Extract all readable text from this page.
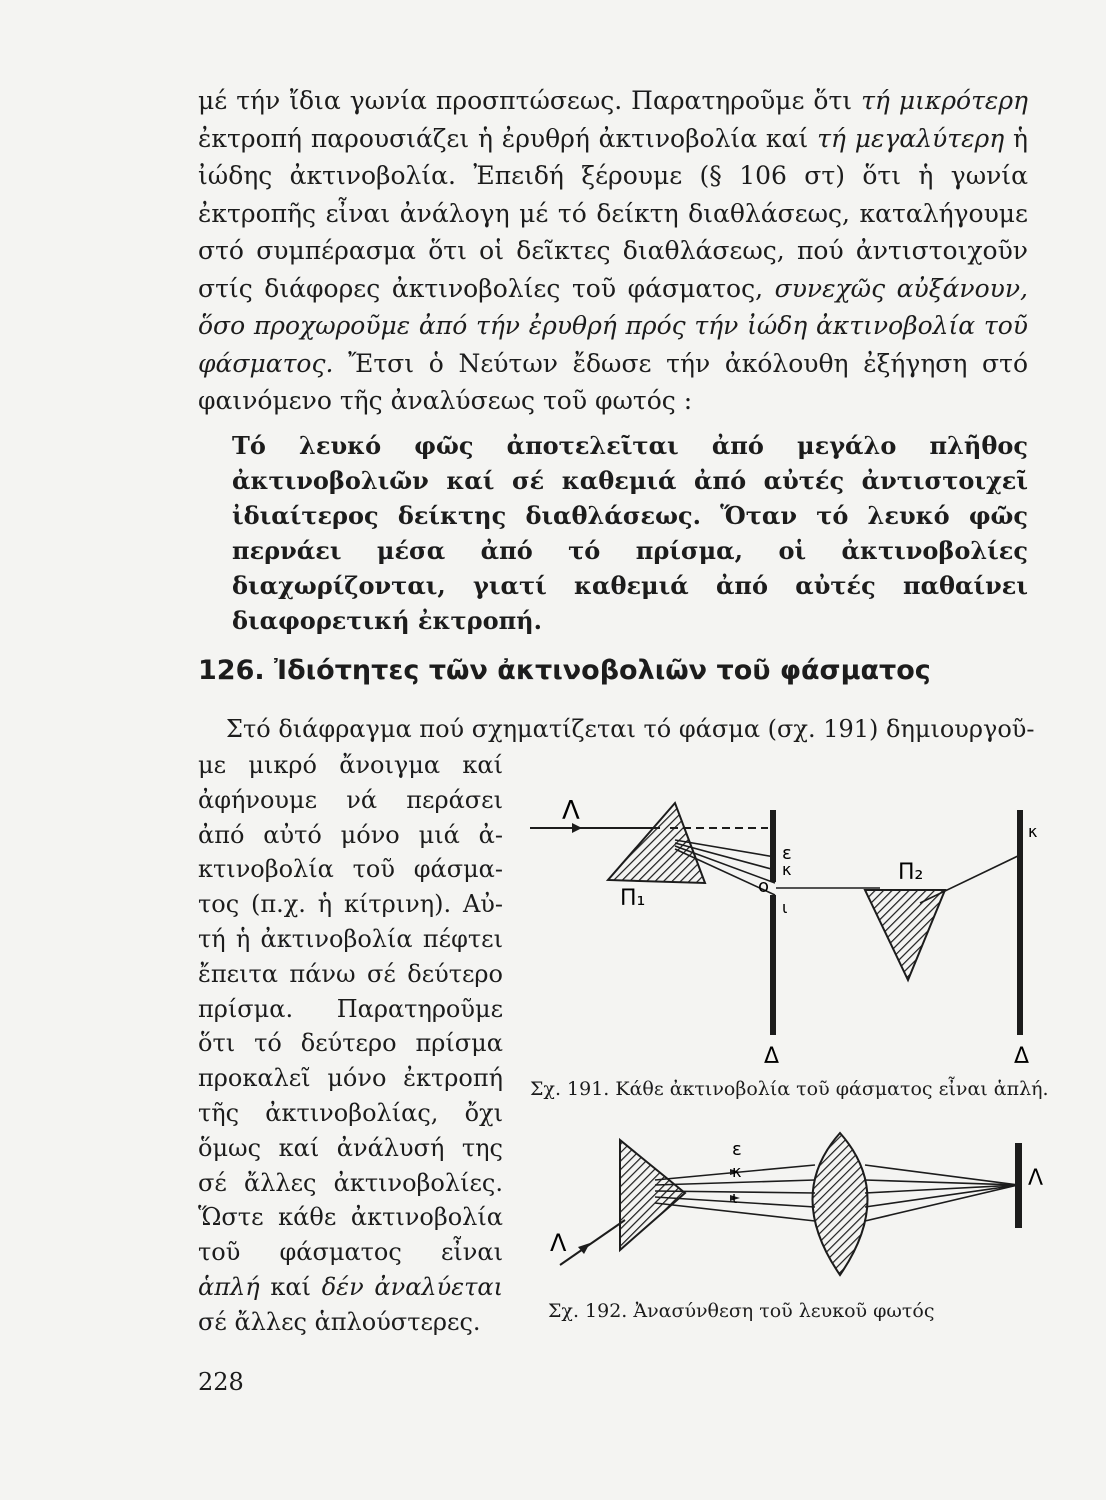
μέ τήν ἴδια γωνία προσπτώσεως. Παρατηροῦμε ὅτι τή μικρότερη ἐκτροπή παρουσιάζει ἡ ἐρυθρή ἀκτινοβολία καί τή μεγαλύτερη ἡ ἰώδης ἀκτινοβολία. Ἐπειδή ξέρουμε (§ 106 στ) ὅτι ἡ γωνία ἐκτροπῆς εἶναι ἀνάλογη μέ τό δείκτη διαθλάσεως, καταλήγουμε στό συμπέρασμα ὅτι οἱ δεῖκτες διαθλάσεως, πού ἀντιστοιχοῦν στίς διάφορες ἀκτινοβολίες τοῦ φάσματος, συνεχῶς αὐξάνουν, ὅσο προχωροῦμε ἀπό τήν ἐρυθρή πρός τήν ἰώδη ἀκτινοβολία τοῦ φάσματος. Ἔτσι ὁ Νεύτων ἔδωσε τήν ἀκόλουθη ἐξήγηση στό φαινόμενο τῆς ἀναλύσεως τοῦ φωτός :

Τό λευκό φῶς ἀποτελεῖται ἀπό μεγάλο πλῆθος ἀκτινοβολιῶν καί σέ καθεμιά ἀπό αὐτές ἀντιστοιχεῖ ἰδιαίτερος δείκτης διαθλάσεως. Ὅταν τό λευκό φῶς περνάει μέσα ἀπό τό πρίσμα, οἱ ἀκτινοβολίες διαχωρίζονται, γιατί καθεμιά ἀπό αὐτές παθαίνει διαφορετική ἐκτροπή.
126. Ἰδιότητες τῶν ἀκτινοβολιῶν τοῦ φάσματος
Στό διάφραγμα πού σχηματίζεται τό φάσμα (σχ. 191) δημιουργοῦ-

με μικρό ἄνοιγμα καί ἀφήνουμε νά περάσει ἀπό αὐτό μόνο μιά ἀκτινοβολία τοῦ φάσματος (π.χ. ἡ κίτρινη). Αὐτή ἡ ἀκτινοβολία πέφτει ἔπειτα πάνω σέ δεύτερο πρίσμα. Παρατηροῦμε ὅτι τό δεύτερο πρίσμα προκαλεῖ μόνο ἐκτροπή τῆς ἀκτινοβολίας, ὄχι ὅμως καί ἀνάλυσή της σέ ἄλλες ἀκτινοβολίες. Ὥστε κάθε ἀκτινοβολία τοῦ φάσματος εἶναι ἁπλή καί δέν ἀναλύεται σέ ἄλλες ἁπλούστερες.

Λ
Π₁
ε
κ
ο
ι
Δ
Π₂
κ
Δ
Σχ. 191. Κάθε ἀκτινοβολία τοῦ φάσματος εἶναι ἁπλή.
Λ
ε
κ
ι
Λ
Σχ. 192. Ἀνασύνθεση τοῦ λευκοῦ φωτός
228
